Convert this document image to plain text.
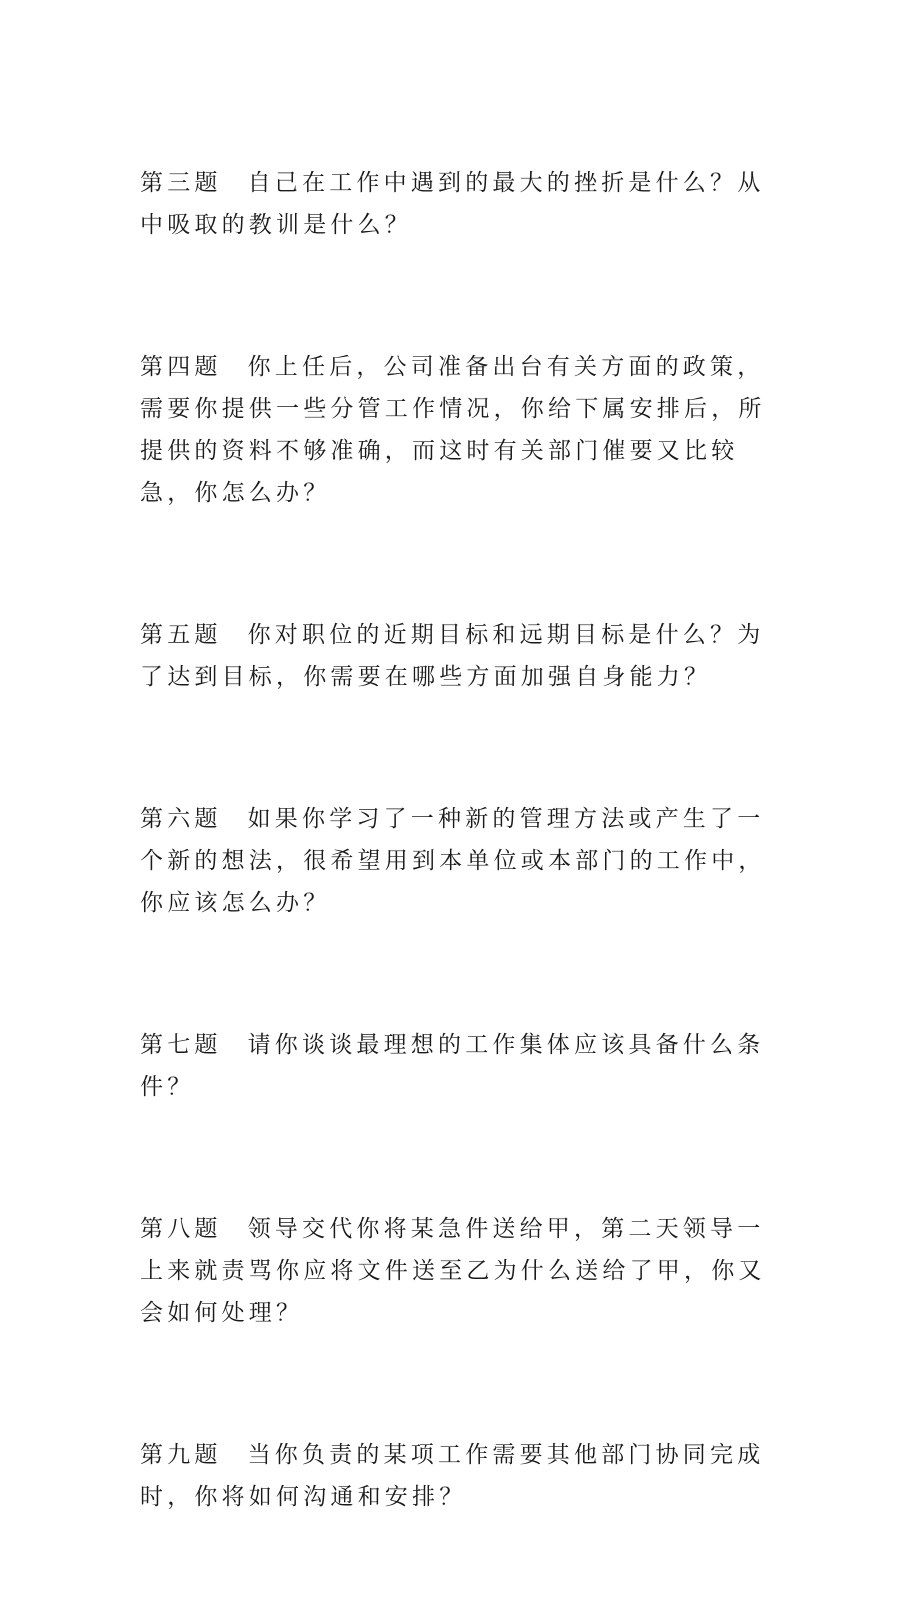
第三题 自己在工作中遇到的最大的挫折是什么？从中吸取的教训是什么？

第四题 你上任后，公司准备出台有关方面的政策，需要你提供一些分管工作情况，你给下属安排后，所提供的资料不够准确，而这时有关部门催要又比较急，你怎么办？

第五题 你对职位的近期目标和远期目标是什么？为了达到目标，你需要在哪些方面加强自身能力？

第六题 如果你学习了一种新的管理方法或产生了一个新的想法，很希望用到本单位或本部门的工作中，你应该怎么办？

第七题 请你谈谈最理想的工作集体应该具备什么条件？

第八题 领导交代你将某急件送给甲，第二天领导一上来就责骂你应将文件送至乙为什么送给了甲，你又会如何处理？

第九题 当你负责的某项工作需要其他部门协同完成时，你将如何沟通和安排？
